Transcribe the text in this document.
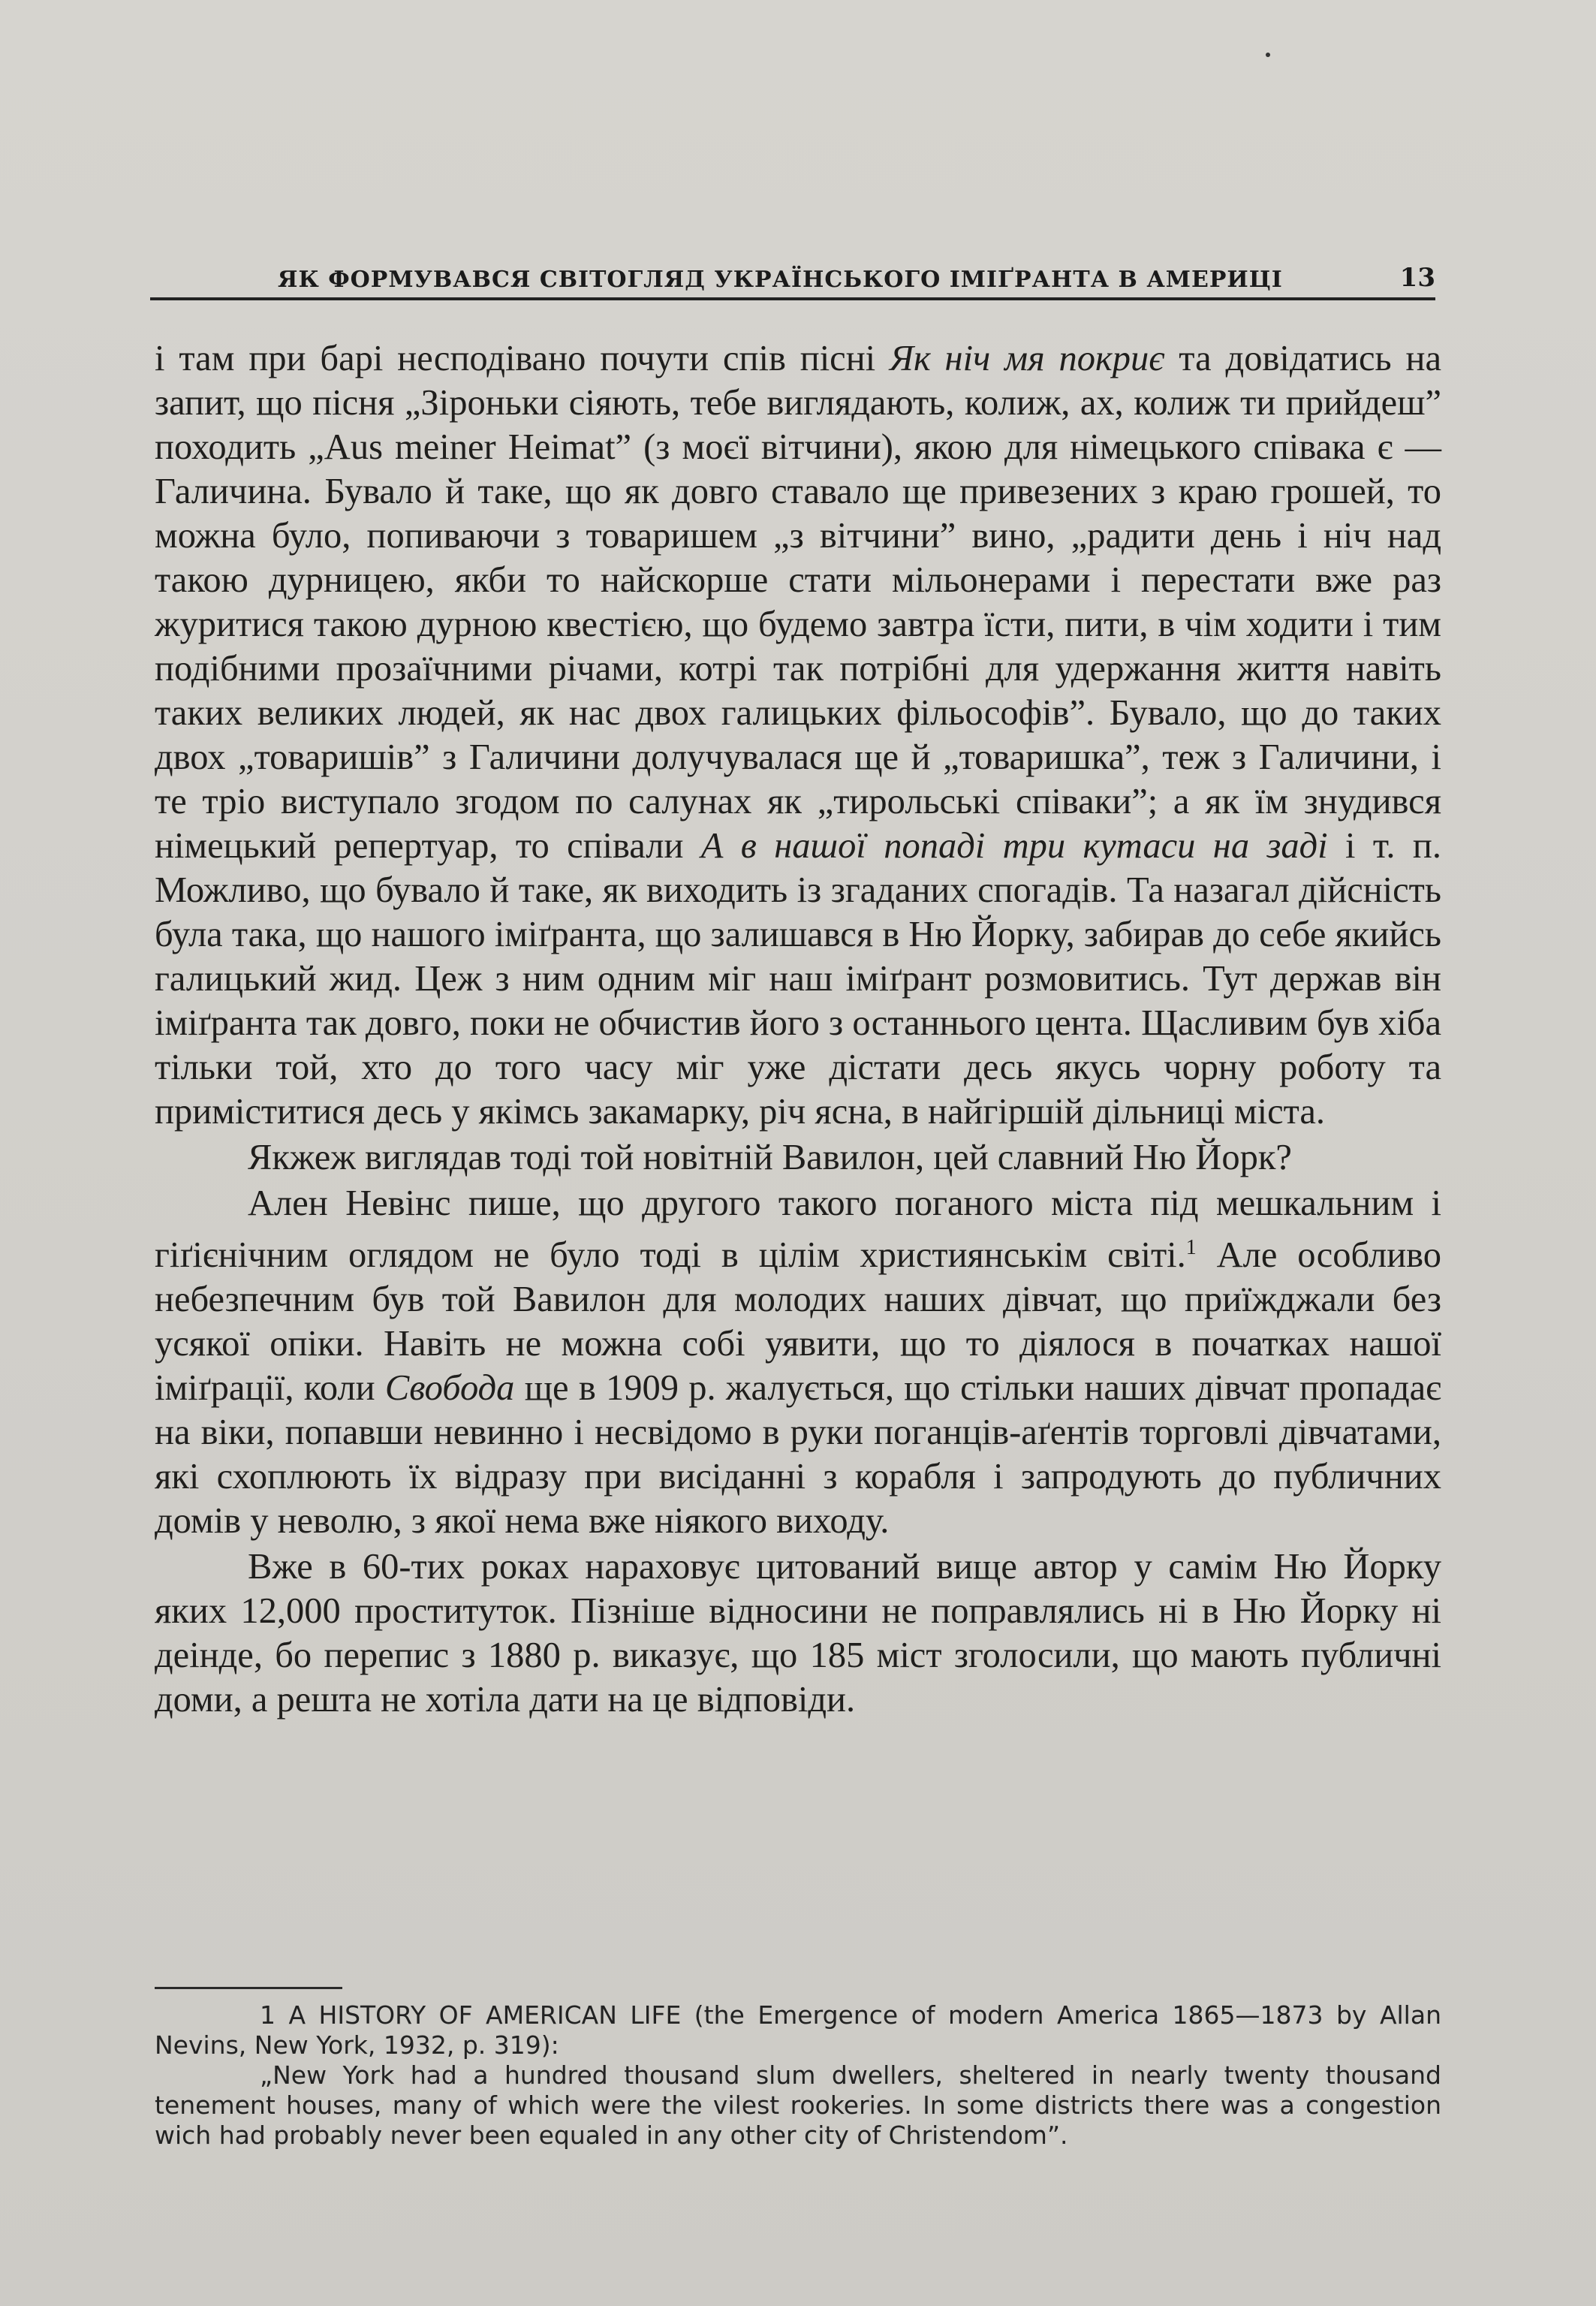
ЯК ФОРМУВАВСЯ СВІТОГЛЯД УКРАЇНСЬКОГО ІМІҐРАНТА В АМЕРИЦІ	13

і там при барі несподівано почути спів пісні Як ніч мя покриє та довідатись на запит, що пісня „Зіроньки сіяють, тебе виглядають, колиж, ах, колиж ти прийдеш” походить „Aus meiner Heimat” (з моєї вітчини), якою для німецького співака є — Галичина. Бувало й таке, що як довго ставало ще привезених з краю грошей, то можна було, попиваючи з товаришем „з вітчини” вино, „радити день і ніч над такою дурницею, якби то найскорше стати мільонерами і перестати вже раз журитися такою дурною квестією, що будемо завтра їсти, пити, в чім ходити і тим подібними прозаїчними річами, котрі так потрібні для удержання життя навіть таких великих людей, як нас двох галицьких фільософів”. Бувало, що до таких двох „товаришів” з Галичини долучувалася ще й „товаришка”, теж з Галичини, і те тріо виступало згодом по салунах як „тирольські співаки”; а як їм знудився німецький репертуар, то співали А в нашої попаді три кутаси на заді і т. п. Можливо, що бувало й таке, як виходить із згаданих спогадів. Та назагал дійсність була така, що нашого іміґранта, що залишався в Ню Йорку, забирав до себе якийсь галицький жид. Цеж з ним одним міг наш іміґрант розмовитись. Тут держав він іміґранта так довго, поки не обчистив його з останнього цента. Щасливим був хіба тільки той, хто до того часу міг уже дістати десь якусь чорну роботу та приміститися десь у якімсь закамарку, річ ясна, в найгіршій дільниці міста.

Якжеж виглядав тоді той новітній Вавилон, цей славний Ню Йорк?

Ален Невінс пише, що другого такого поганого міста під мешкальним і гіґієнічним оглядом не було тоді в цілім християнськім світі.$^1$ Але особливо небезпечним був той Вавилон для молодих наших дівчат, що приїжджали без усякої опіки. Навіть не можна собі уявити, що то діялося в початках нашої іміґрації, коли Свобода ще в 1909 р. жалується, що стільки наших дівчат пропадає на віки, попавши невинно і несвідомо в руки поганців-аґентів торговлі дівчатами, які схоплюють їх відразу при висіданні з корабля і запродують до публичних домів у неволю, з якої нема вже ніякого виходу.

Вже в 60-тих роках нараховує цитований вище автор у самім Ню Йорку яких 12,000 проституток. Пізніше відносини не поправлялись ні в Ню Йорку ні деінде, бо перепис з 1880 р. виказує, що 185 міст зголосили, що мають публичні доми, а решта не хотіла дати на це відповіди.

1 A HISTORY OF AMERICAN LIFE (the Emergence of modern America 1865—1873 by Allan Nevins, New York, 1932, p. 319):

„New York had a hundred thousand slum dwellers, sheltered in nearly twenty thousand tenement houses, many of which were the vilest rookeries. In some districts there was a congestion wich had probably never been equaled in any other city of Christendom”.
